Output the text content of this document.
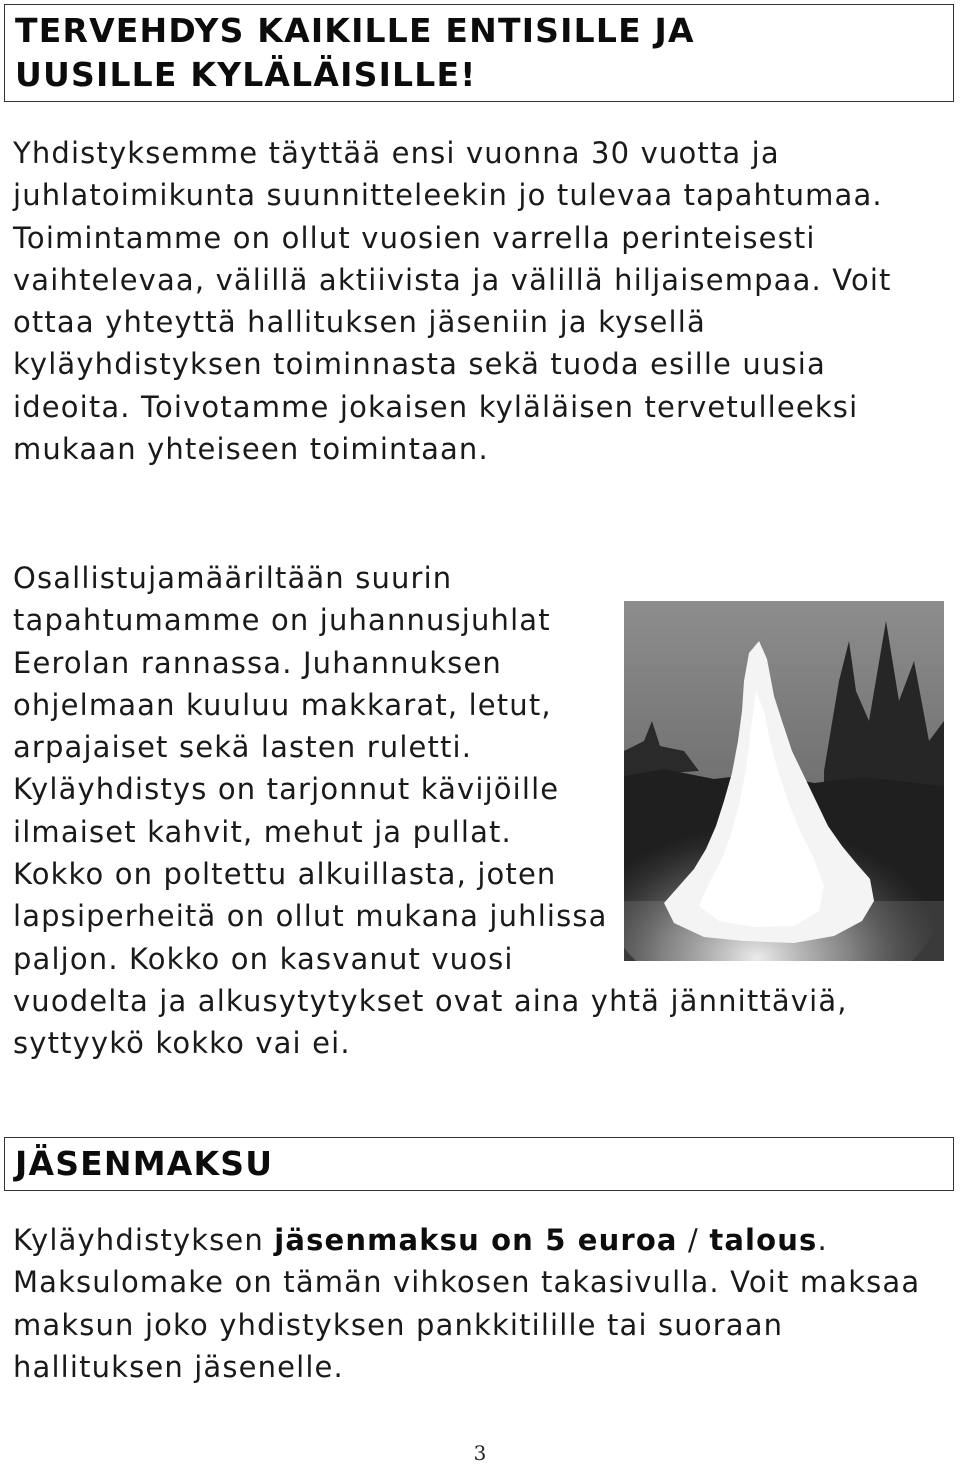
TERVEHDYS KAIKILLE ENTISILLE JA
UUSILLE KYLÄLÄISILLE!

Yhdistyksemme täyttää ensi vuonna 30 vuotta ja juhlatoimikunta suunnitteleekin jo tulevaa tapahtumaa. Toimintamme on ollut vuosien varrella perinteisesti vaihtelevaa, välillä aktiivista ja välillä hiljaisempaa. Voit ottaa yhteyttä hallituksen jäseniin ja kysellä kyläyhdistyksen toiminnasta sekä tuoda esille uusia ideoita. Toivotamme jokaisen kyläläisen tervetulleeksi mukaan yhteiseen toimintaan.

Osallistujamääriltään suurin tapahtumamme on juhannusjuhlat Eerolan rannassa. Juhannuksen ohjelmaan kuuluu makkarat, letut, arpajaiset sekä lasten ruletti. Kyläyhdistys on tarjonnut kävijöille ilmaiset kahvit, mehut ja pullat. Kokko on poltettu alkuillasta, joten lapsiperheitä on ollut mukana juhlissa paljon. Kokko on kasvanut vuosi vuodelta ja alkusytytykset ovat aina yhtä jännittäviä, syttyykö kokko vai ei.
JÄSENMAKSU

Kyläyhdistyksen jäsenmaksu on 5 euroa / talous. Maksulomake on tämän vihkosen takasivulla. Voit maksaa maksun joko yhdistyksen pankkitilille tai suoraan hallituksen jäsenelle.

3
